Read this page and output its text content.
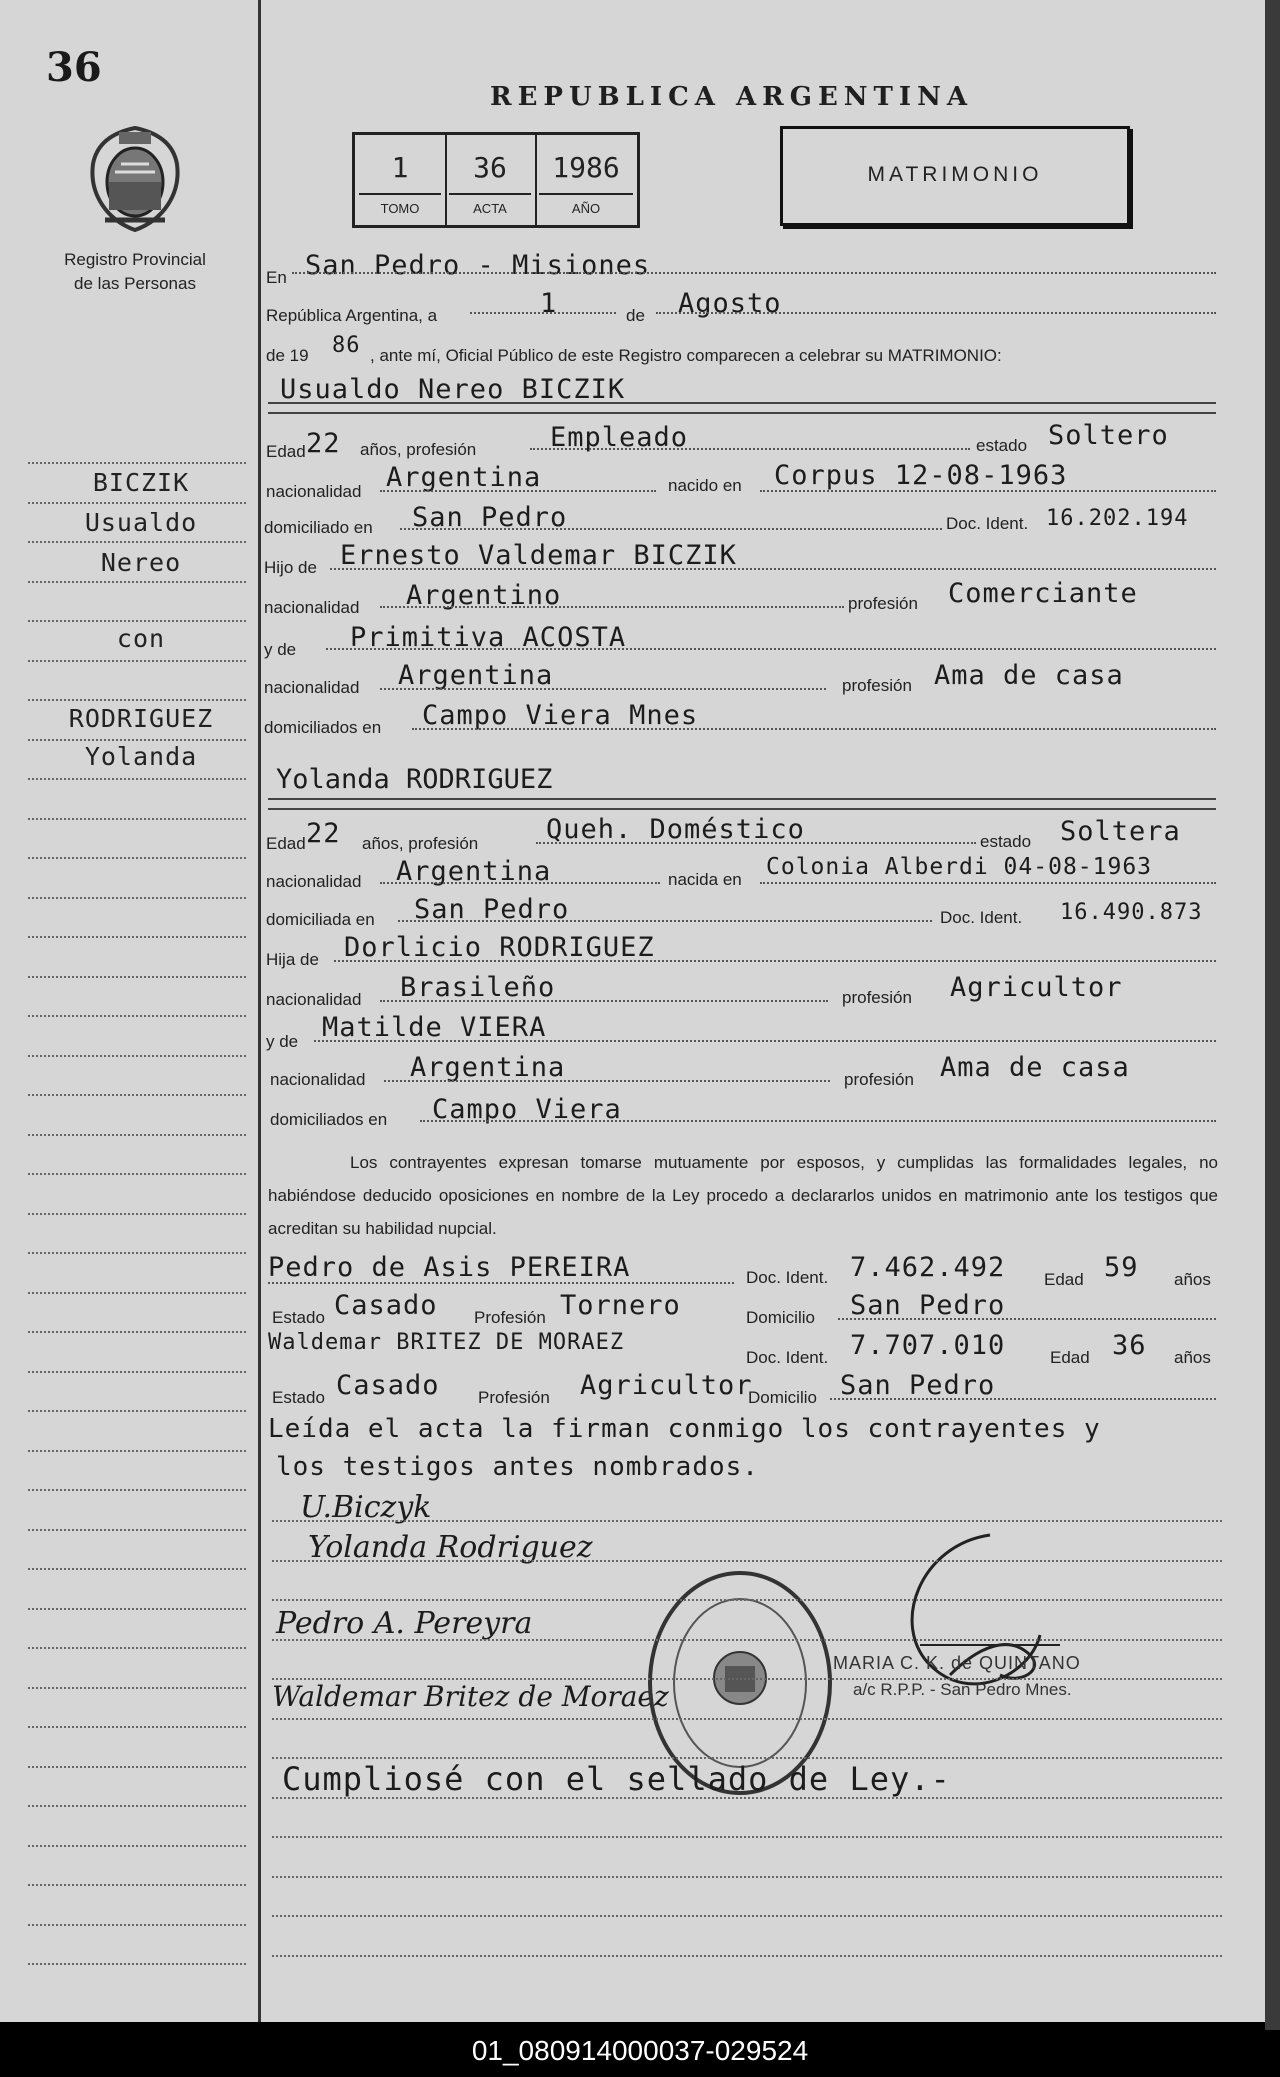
36
Registro Provincial
de las Personas
REPUBLICA ARGENTINA
1
TOMO
36
ACTA
1986
AÑO
MATRIMONIO
BICZIK
Usualdo
Nereo
con
RODRIGUEZ
Yolanda
En San Pedro - Misiones
República Argentina, a	1	de Agosto
de 19 86 , ante mí, Oficial Público de este Registro comparecen a celebrar su MATRIMONIO:
Usualdo Nereo BICZIK
Edad 22 años, profesión	Empleado	estado Soltero
nacionalidad Argentina	nacido en Corpus 12-08-1963
domiciliado en San Pedro	Doc. Ident. 16.202.194
Hijo de Ernesto Valdemar BICZIK
nacionalidad Argentino	profesión Comerciante
y de Primitiva ACOSTA
nacionalidad Argentina	profesión Ama de casa
domiciliados en Campo Viera Mnes
Yolanda RODRIGUEZ
Edad 22 años, profesión	Queh. Doméstico	estado Soltera
nacionalidad Argentina	nacida en Colonia Alberdi 04-08-1963
domiciliada en San Pedro	Doc. Ident. 16.490.873
Hija de Dorlicio RODRIGUEZ
nacionalidad Brasileño	profesión Agricultor
y de Matilde VIERA
nacionalidad Argentina	profesión Ama de casa
domiciliados en Campo Viera
Los contrayentes expresan tomarse mutuamente por esposos, y cumplidas las formalidades legales, no habiéndose deducido oposiciones en nombre de la Ley procedo a declararlos unidos en matrimonio ante los testigos que acreditan su habilidad nupcial.
Pedro de Asis PEREIRA	Doc. Ident. 7.462.492 Edad 59 años
Estado Casado Profesión Tornero	Domicilio San Pedro
Waldemar BRITEZ DE MORAEZ
Doc. Ident. 7.707.010	Edad 36 años
Estado Casado Profesión Agricultor
Domicilio San Pedro
Leída el acta la firman conmigo los contrayentes y
los testigos antes nombrados.
U.Biczyk
Yolanda Rodriguez
Pedro A. Pereyra
Waldemar Britez de Moraez
MARIA C. K. de QUINTANO
a/c R.P.P. - San Pedro Mnes.
Cumpliosé con el sellado de Ley.-
01_080914000037-029524
